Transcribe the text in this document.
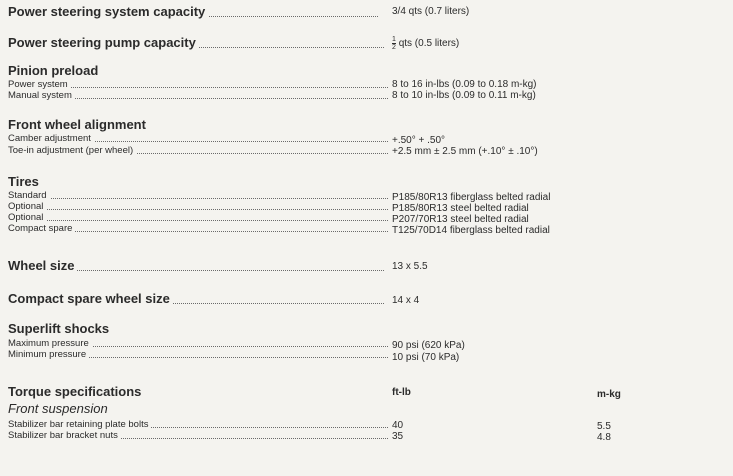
Power steering system capacity	3/4 qts (0.7 liters)
Power steering pump capacity	$\frac{1}{2}$ qts (0.5 liters)
Pinion preload
Power system	8 to 16 in-lbs (0.09 to 0.18 m-kg)
Manual system	8 to 10 in-lbs (0.09 to 0.11 m-kg)
Front wheel alignment
Camber adjustment	+.50° + .50°
Toe-in adjustment (per wheel)	+2.5 mm ± 2.5 mm (+.10° ± .10°)
Tires
Standard	P185/80R13 fiberglass belted radial
Optional	P185/80R13 steel belted radial
Optional	P207/70R13 steel belted radial
Compact spare	T125/70D14 fiberglass belted radial
Wheel size	13 x 5.5
Compact spare wheel size	14 x 4
Superlift shocks
Maximum pressure	90 psi (620 kPa)
Minimum pressure	10 psi (70 kPa)
Torque specifications	ft-lb	m-kg
Front suspension
Stabilizer bar retaining plate bolts	40	5.5
Stabilizer bar bracket nuts	35	4.8
